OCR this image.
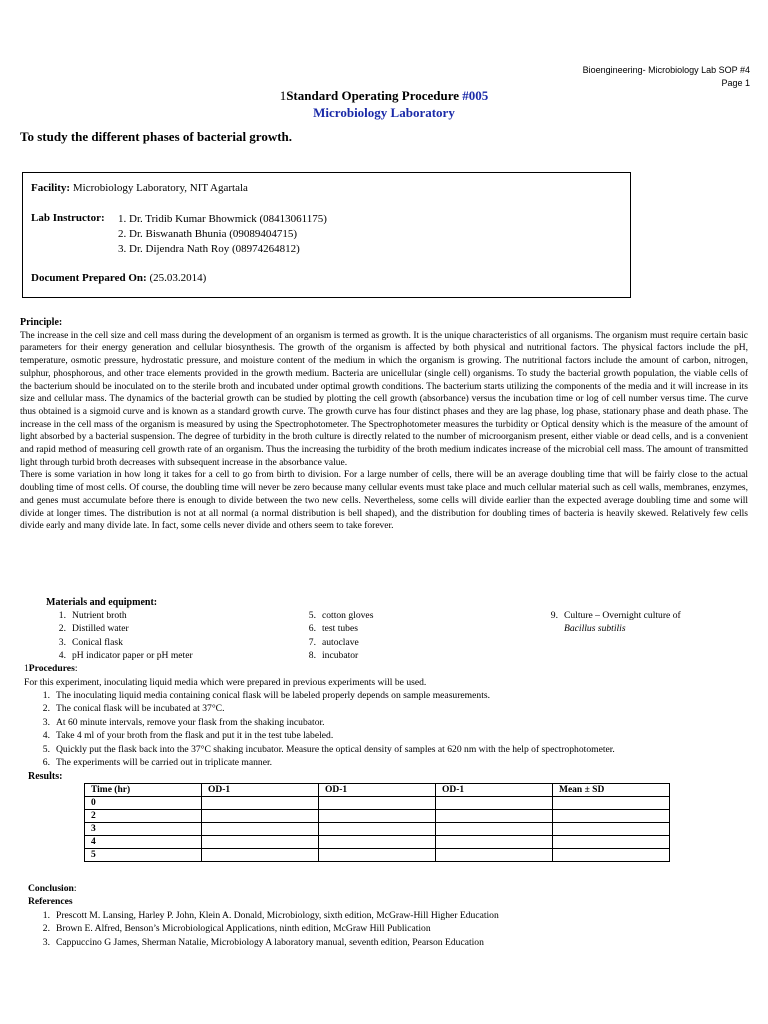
Bioengineering- Microbiology Lab SOP #4
Page 1
1Standard Operating Procedure #005
Microbiology Laboratory
To study the different phases of bacterial growth.
Facility: Microbiology Laboratory, NIT Agartala
Lab Instructor: 1. Dr. Tridib Kumar Bhowmick (08413061175)
2. Dr. Biswanath Bhunia (09089404715)
3. Dr. Dijendra Nath Roy (08974264812)
Document Prepared On: (25.03.2014)
Principle:
The increase in the cell size and cell mass during the development of an organism is termed as growth. It is the unique characteristics of all organisms. The organism must require certain basic parameters for their energy generation and cellular biosynthesis. The growth of the organism is affected by both physical and nutritional factors. The physical factors include the pH, temperature, osmotic pressure, hydrostatic pressure, and moisture content of the medium in which the organism is growing. The nutritional factors include the amount of carbon, nitrogen, sulphur, phosphorous, and other trace elements provided in the growth medium. Bacteria are unicellular (single cell) organisms. To study the bacterial growth population, the viable cells of the bacterium should be inoculated on to the sterile broth and incubated under optimal growth conditions. The bacterium starts utilizing the components of the media and it will increase in its size and cellular mass. The dynamics of the bacterial growth can be studied by plotting the cell growth (absorbance) versus the incubation time or log of cell number versus time. The curve thus obtained is a sigmoid curve and is known as a standard growth curve. The growth curve has four distinct phases and they are lag phase, log phase, stationary phase and death phase. The increase in the cell mass of the organism is measured by using the Spectrophotometer. The Spectrophotometer measures the turbidity or Optical density which is the measure of the amount of light absorbed by a bacterial suspension. The degree of turbidity in the broth culture is directly related to the number of microorganism present, either viable or dead cells, and is a convenient and rapid method of measuring cell growth rate of an organism. Thus the increasing the turbidity of the broth medium indicates increase of the microbial cell mass. The amount of transmitted light through turbid broth decreases with subsequent increase in the absorbance value.
There is some variation in how long it takes for a cell to go from birth to division. For a large number of cells, there will be an average doubling time that will be fairly close to the actual doubling time of most cells. Of course, the doubling time will never be zero because many cellular events must take place and much cellular material such as cell walls, membranes, enzymes, and genes must accumulate before there is enough to divide between the two new cells. Nevertheless, some cells will divide earlier than the expected average doubling time and some will divide at longer times. The distribution is not at all normal (a normal distribution is bell shaped), and the distribution for doubling times of bacteria is heavily skewed. Relatively few cells divide early and many divide late. In fact, some cells never divide and others seem to take forever.
Materials and equipment:
1. Nutrient broth
2. Distilled water
3. Conical flask
4. pH indicator paper or pH meter
5. cotton gloves
6. test tubes
7. autoclave
8. incubator
9. Culture – Overnight culture of
Bacillus subtilis
1Procedures:
For this experiment, inoculating liquid media which were prepared in previous experiments will be used.
1. The inoculating liquid media containing conical flask will be labeled properly depends on sample measurements.
2. The conical flask will be incubated at 37°C.
3. At 60 minute intervals, remove your flask from the shaking incubator.
4. Take 4 ml of your broth from the flask and put it in the test tube labeled.
5. Quickly put the flask back into the 37°C shaking incubator. Measure the optical density of samples at 620 nm with the help of spectrophotometer.
6. The experiments will be carried out in triplicate manner.
Results:
Time (hr)	OD-1	OD-1	OD-1	Mean ± SD
0				
2				
3				
4				
5				
Conclusion:
References
1. Prescott M. Lansing, Harley P. John, Klein A. Donald, Microbiology, sixth edition, McGraw-Hill Higher Education
2. Brown E. Alfred, Benson’s Microbiological Applications, ninth edition, McGraw Hill Publication
3. Cappuccino G James, Sherman Natalie, Microbiology A laboratory manual, seventh edition, Pearson Education
